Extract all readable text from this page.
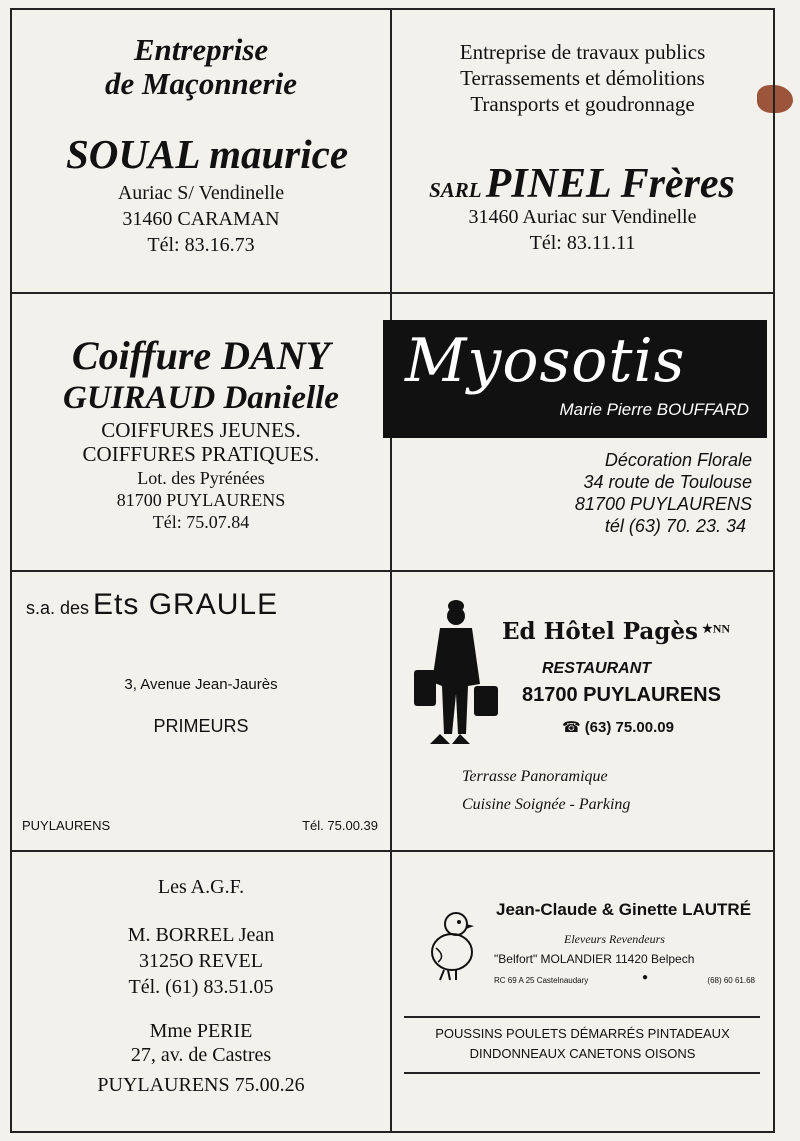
Entreprise
de Maçonnerie
SOUAL maurice
Auriac S/ Vendinelle
31460 CARAMAN
Tél: 83.16.73
Entreprise de travaux publics
Terrassements et démolitions
Transports et goudronnage
SARL PINEL Frères
31460 Auriac sur Vendinelle
Tél: 83.11.11
Coiffure DANY
GUIRAUD Danielle
COIFFURES JEUNES.
COIFFURES PRATIQUES.
Lot. des Pyrénées
81700 PUYLAURENS
Tél: 75.07.84
Myosotis
Marie Pierre BOUFFARD
Décoration Florale
34 route de Toulouse
81700 PUYLAURENS
tél (63) 70. 23. 34
s.a. des Ets GRAULE
3, Avenue Jean-Jaurès
PRIMEURS
PUYLAURENS	Tél. 75.00.39
Ed Hôtel Pagès $^{★NN}$
RESTAURANT
81700 PUYLAURENS
☎ (63) 75.00.09
Terrasse Panoramique
Cuisine Soignée - Parking
Les A.G.F.
M. BORREL Jean
3125O REVEL
Tél. (61) 83.51.05
Mme PERIE
27, av. de Castres
PUYLAURENS 75.00.26
Jean-Claude & Ginette LAUTRÉ
Eleveurs Revendeurs
"Belfort" MOLANDIER 11420 Belpech
RC 69 A 25 Castelnaudary	●	(68) 60 61.68
POUSSINS POULETS DÉMARRÉS PINTADEAUX
DINDONNEAUX CANETONS OISONS
